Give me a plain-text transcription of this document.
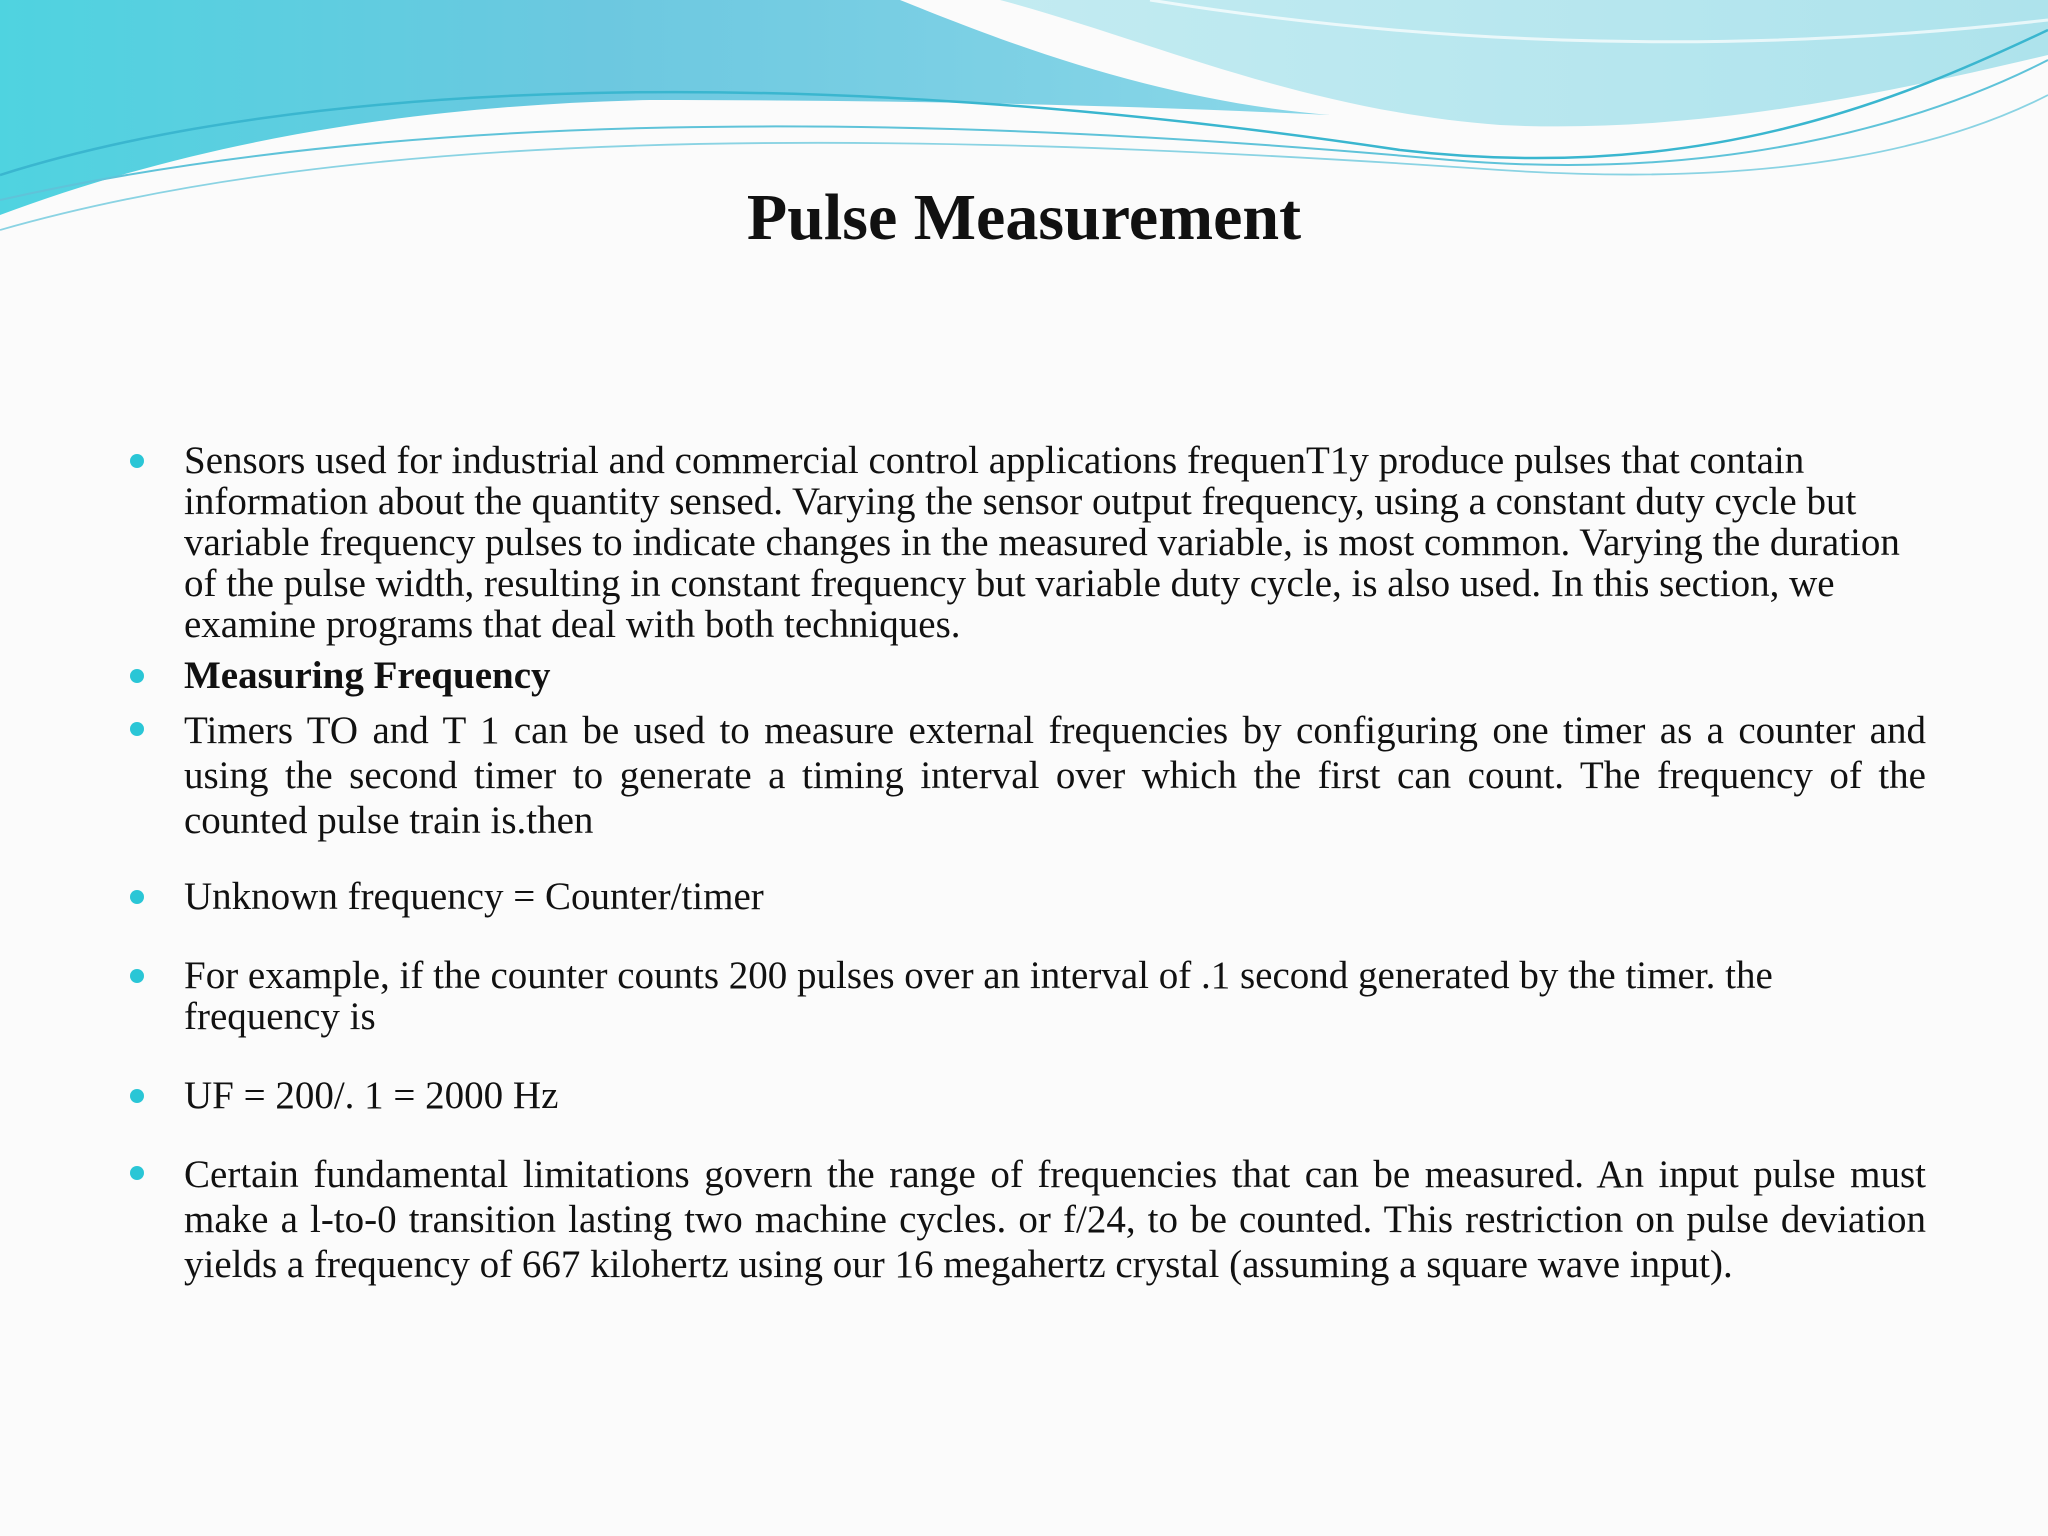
Pulse Measurement

Sensors used for industrial and commercial control applications frequenT1y produce pulses that contain information about the quantity sensed. Varying the sensor output frequency, using a constant duty cycle but variable frequency pulses to indicate changes in the measured variable, is most common. Varying the duration of the pulse width, resulting in constant frequency but variable duty cycle, is also used. In this section, we examine programs that deal with both techniques.

Measuring Frequency

Timers TO and T 1 can be used to measure external frequencies by configuring one timer as a counter and using the second timer to generate a timing interval over which the first can count. The frequency of the counted pulse train is.then

Unknown frequency = Counter/timer

For example, if the counter counts 200 pulses over an interval of .1 second generated by the timer. the frequency is

UF = 200/. 1 = 2000 Hz

Certain fundamental limitations govern the range of frequencies that can be measured. An input pulse must make a l-to-0 transition lasting two machine cycles. or f/24, to be counted. This restriction on pulse deviation yields a frequency of 667 kilohertz using our 16 megahertz crystal (assuming a square wave input).
